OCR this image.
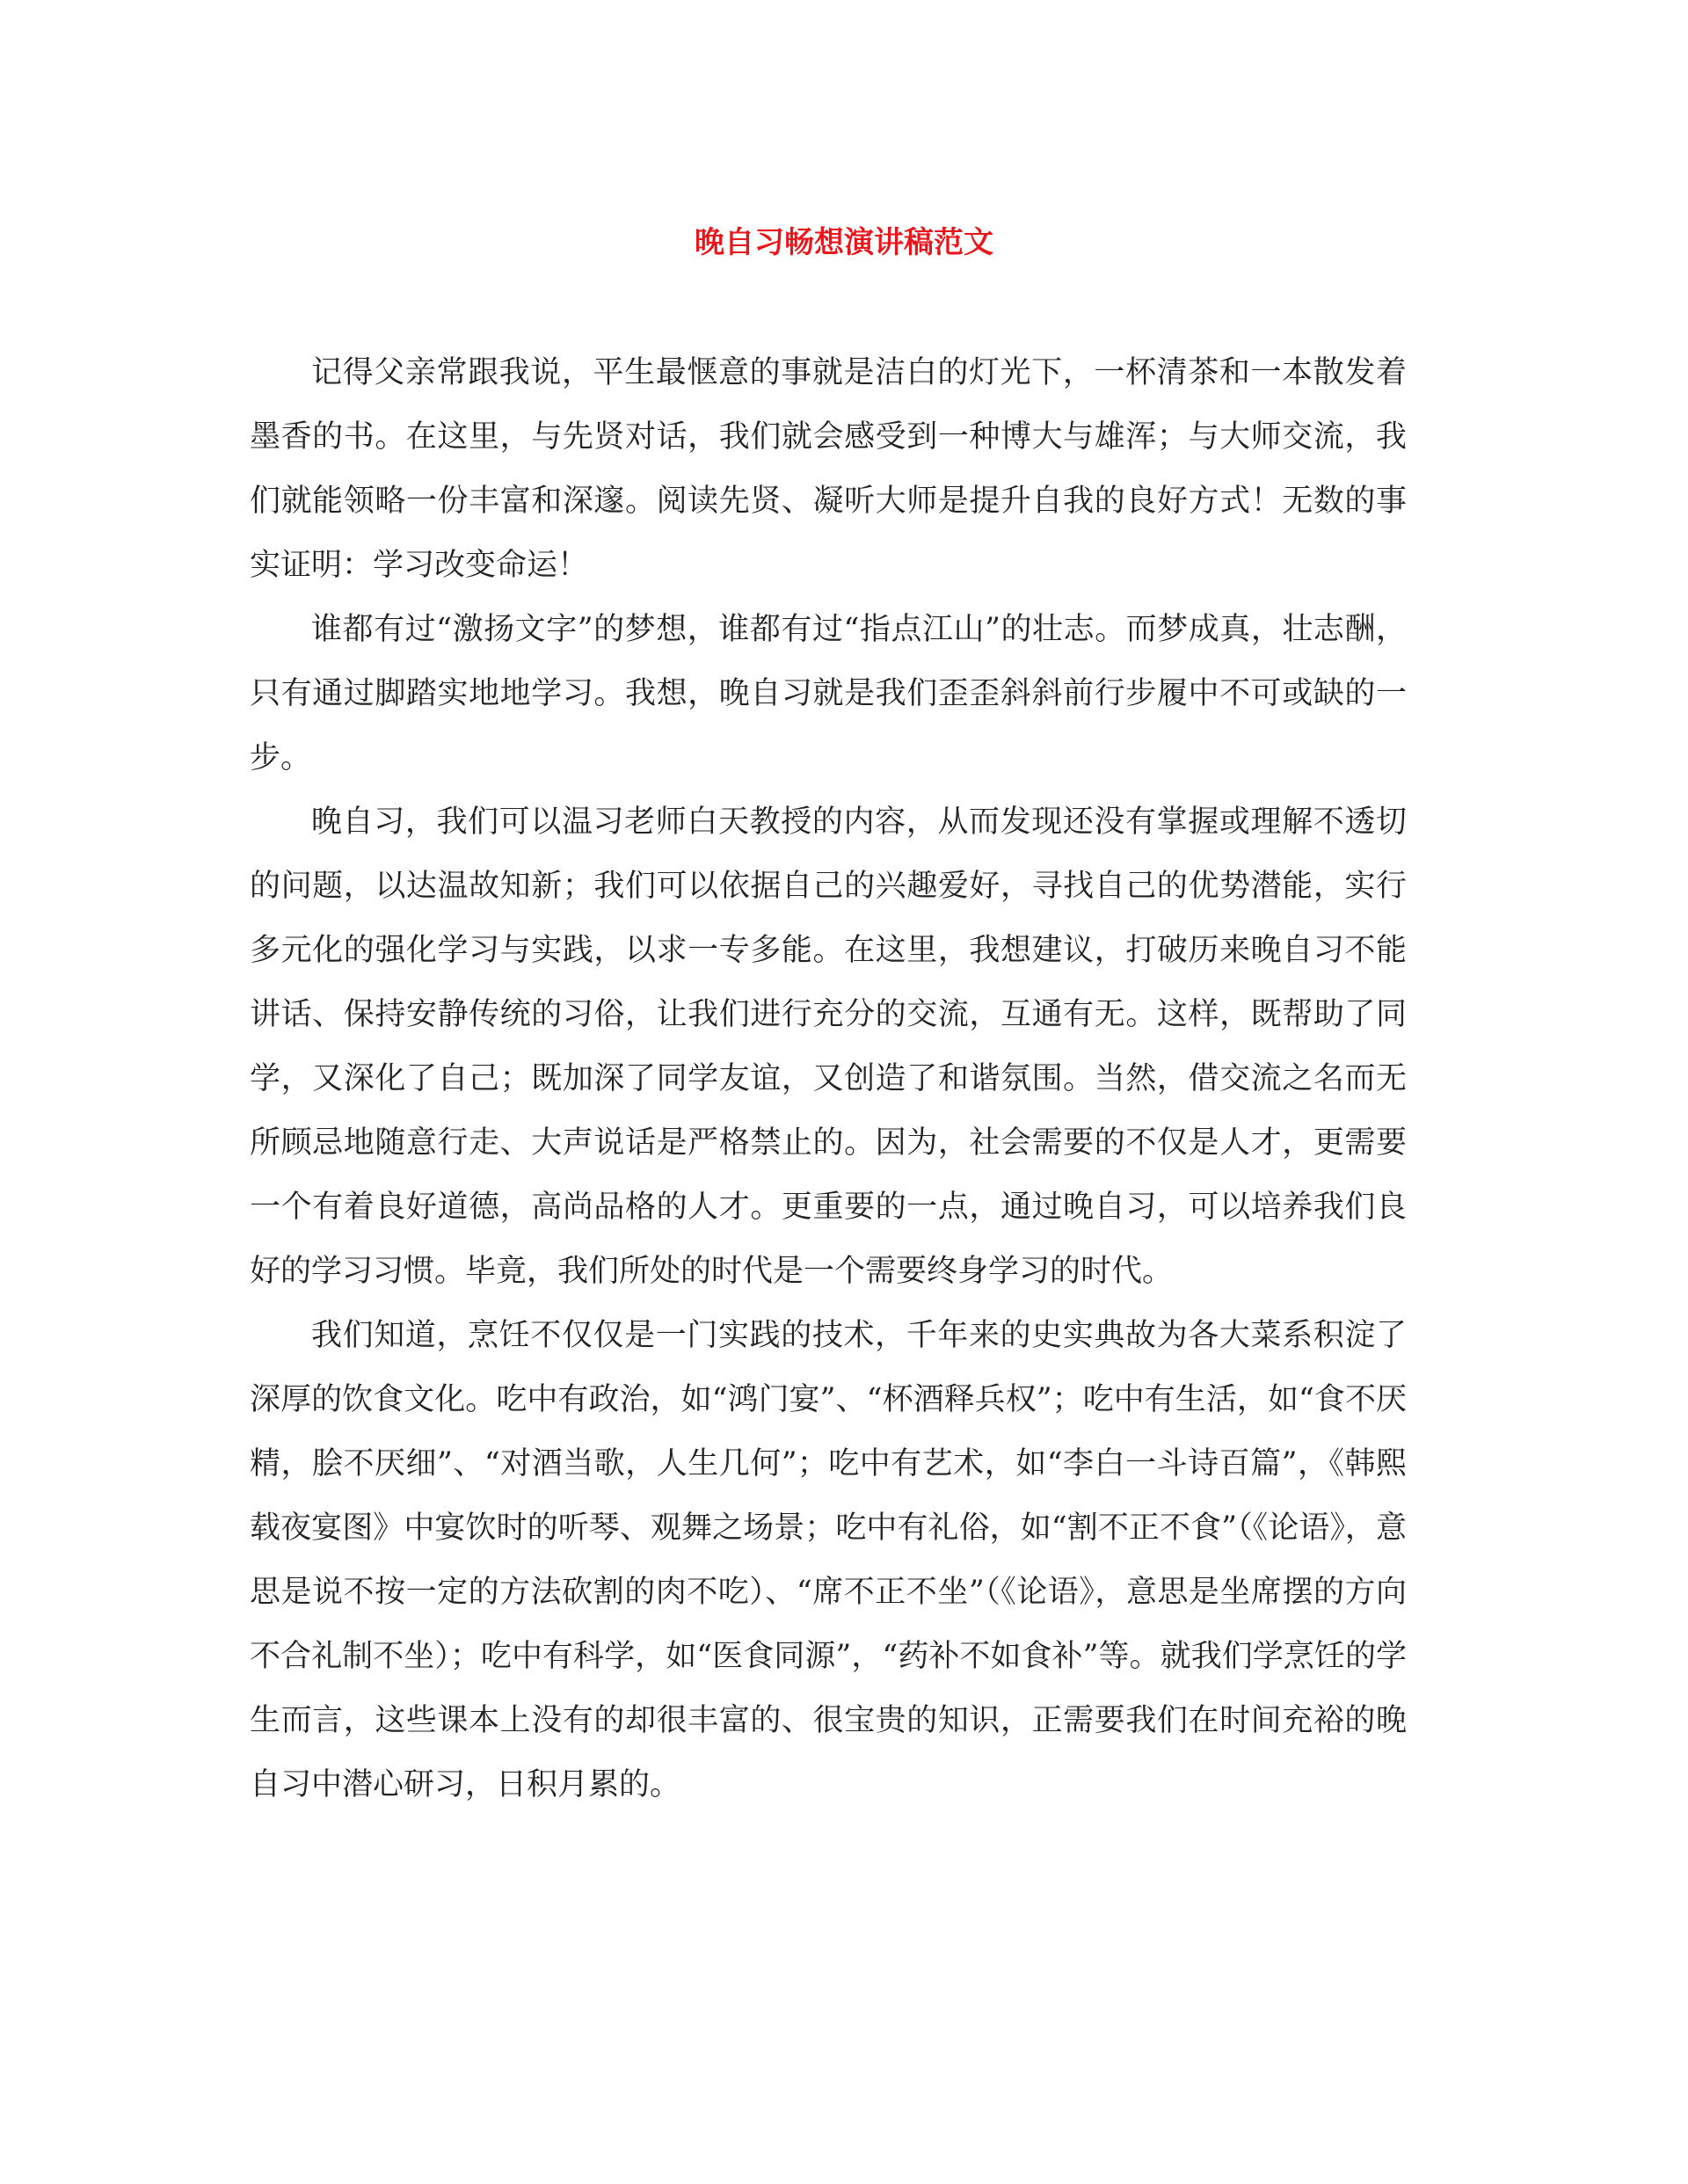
晚自习畅想演讲稿范文

记得父亲常跟我说，平生最惬意的事就是洁白的灯光下，一杯清茶和一本散发着墨香的书。在这里，与先贤对话，我们就会感受到一种博大与雄浑；与大师交流，我们就能领略一份丰富和深邃。阅读先贤、凝听大师是提升自我的良好方式！无数的事实证明：学习改变命运！

谁都有过“激扬文字”的梦想，谁都有过“指点江山”的壮志。而梦成真，壮志酬，只有通过脚踏实地地学习。我想，晚自习就是我们歪歪斜斜前行步履中不可或缺的一步。

晚自习，我们可以温习老师白天教授的内容，从而发现还没有掌握或理解不透切的问题，以达温故知新；我们可以依据自己的兴趣爱好，寻找自己的优势潜能，实行多元化的强化学习与实践，以求一专多能。在这里，我想建议，打破历来晚自习不能讲话、保持安静传统的习俗，让我们进行充分的交流，互通有无。这样，既帮助了同学，又深化了自己；既加深了同学友谊，又创造了和谐氛围。当然，借交流之名而无所顾忌地随意行走、大声说话是严格禁止的。因为，社会需要的不仅是人才，更需要一个有着良好道德，高尚品格的人才。更重要的一点，通过晚自习，可以培养我们良好的学习习惯。毕竟，我们所处的时代是一个需要终身学习的时代。

我们知道，烹饪不仅仅是一门实践的技术，千年来的史实典故为各大菜系积淀了深厚的饮食文化。吃中有政治，如“鸿门宴”、“杯酒释兵权”；吃中有生活，如“食不厌精，脍不厌细”、“对酒当歌，人生几何”；吃中有艺术，如“李白一斗诗百篇”，《韩熙载夜宴图》中宴饮时的听琴、观舞之场景；吃中有礼俗，如“割不正不食”（《论语》，意思是说不按一定的方法砍割的肉不吃）、“席不正不坐”（《论语》，意思是坐席摆的方向不合礼制不坐）；吃中有科学，如“医食同源”，“药补不如食补”等。就我们学烹饪的学生而言，这些课本上没有的却很丰富的、很宝贵的知识，正需要我们在时间充裕的晚自习中潜心研习，日积月累的。
